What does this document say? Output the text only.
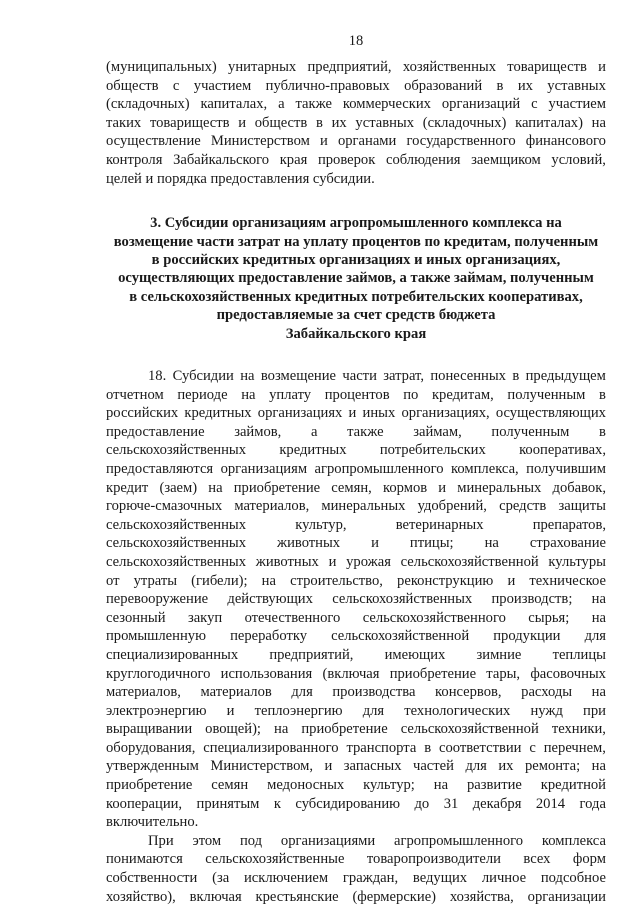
18
(муниципальных) унитарных предприятий, хозяйственных товариществ и
обществ с участием публично-правовых образований в их уставных
(складочных) капиталах, а также коммерческих организаций с участием
таких товариществ и обществ в их уставных (складочных) капиталах) на
осуществление Министерством и органами государственного финансового
контроля Забайкальского края проверок соблюдения заемщиком условий,
целей и порядка предоставления субсидии.
3. Субсидии организациям агропромышленного комплекса на
возмещение части затрат на уплату процентов по кредитам, полученным
в российских кредитных организациях и иных организациях,
осуществляющих предоставление займов, а также займам, полученным
в сельскохозяйственных кредитных потребительских кооперативах,
предоставляемые за счет средств бюджета
Забайкальского края
18. Субсидии на возмещение части затрат, понесенных в предыдущем
отчетном периоде на уплату процентов по кредитам, полученным в
российских кредитных организациях и иных организациях, осуществляющих
предоставление займов, а также займам, полученным в
сельскохозяйственных кредитных потребительских кооперативах,
предоставляются организациям агропромышленного комплекса, получившим
кредит (заем) на приобретение семян, кормов и минеральных добавок,
горюче-смазочных материалов, минеральных удобрений, средств защиты
сельскохозяйственных	культур,	ветеринарных	препаратов,
сельскохозяйственных животных и птицы; на страхование
сельскохозяйственных животных и урожая сельскохозяйственной культуры
от утраты (гибели); на строительство, реконструкцию и техническое
перевооружение действующих сельскохозяйственных производств; на
сезонный закуп отечественного сельскохозяйственного сырья; на
промышленную переработку сельскохозяйственной продукции для
специализированных предприятий, имеющих зимние теплицы
круглогодичного использования (включая приобретение тары, фасовочных
материалов, материалов для производства консервов, расходы на
электроэнергию и теплоэнергию для технологических нужд при
выращивании овощей); на приобретение сельскохозяйственной техники,
оборудования, специализированного транспорта в соответствии с перечнем,
утвержденным Министерством, и запасных частей для их ремонта; на
приобретение семян медоносных культур; на развитие кредитной
кооперации, принятым к субсидированию до 31 декабря 2014 года
включительно.
При этом под организациями агропромышленного комплекса
понимаются сельскохозяйственные товаропроизводители всех форм
собственности (за исключением граждан, ведущих личное подсобное
хозяйство), включая крестьянские (фермерские) хозяйства, организации
